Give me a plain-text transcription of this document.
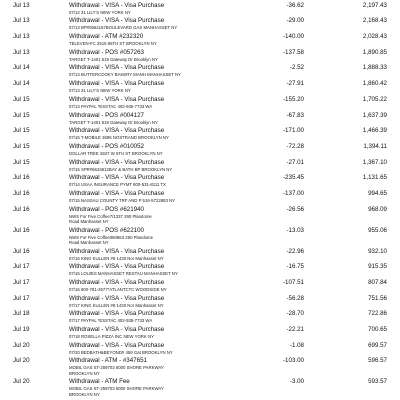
Jul 13	Withdrawal - VISA - Visa Purchase	-36.62	2,197.43
07/12 31 LILY'S NEW YORK NY
Jul 13	Withdrawal - VISA - Visa Purchase	-29.00	2,168.43
07/13 BP#0662167BOULEVARD GAS MANHASSET NY
Jul 13	Withdrawal - ATM #232320	-140.00	2,028.43
TELEVEN-FC 2515 86TH ST BROOKLYN NY
Jul 13	Withdrawal - POS #057263	-137.58	1,890.85
TARGET T-1401 519 Gateway Dr Brooklyn NY
Jul 14	Withdrawal - VISA - Visa Purchase	-2.52	1,888.33
07/13 BUTTERCOOKY BAKERY MANH MANHASSET NY
Jul 14	Withdrawal - VISA - Visa Purchase	-27.91	1,860.42
07/13 31 LILY'S NEW YORK NY
Jul 15	Withdrawal - VISA - Visa Purchase	-155.20	1,705.22
07/13 PAYPAL *ESSTAC 402-935-7733 WA
Jul 15	Withdrawal - POS #004127	-67.83	1,637.39
TARGET T-1401 519 Gateway Dr Brooklyn NY
Jul 15	Withdrawal - VISA - Visa Purchase	-171.00	1,466.39
07/15 T-MOBILE 3696 NOSTRAND BROOKLYN NY
Jul 15	Withdrawal - POS #010052	-72.28	1,394.11
DOLLAR TREE 2847 W 6TH ST BROOKLYN NY
Jul 15	Withdrawal - VISA - Visa Purchase	-27.01	1,367.10
07/15 SPR#6634612BAY & BATH BP BROOKLYN NY
Jul 16	Withdrawal - VISA - Visa Purchase	-235.45	1,131.65
07/14 USAA INSURANCE PYMT 800-531-8111 TX
Jul 16	Withdrawal - VISA - Visa Purchase	-137.00	994.65
07/15 NASSAU COUNTY TRF AND P 516-5722883 NY
Jul 16	Withdrawal - POS #621940	-26.56	968.09
NWS For Five Coffee7/1337 290 Plandome
Road Manhasset NY
Jul 16	Withdrawal - POS #622100	-13.03	955.06
NWS For Five Coffee080863 290 Plandome
Road Manhasset NY
Jul 16	Withdrawal - VISA - Visa Purchase	-22.96	932.10
07/16 KING KULLEN #8 1430 Nor Manhasset NY
Jul 17	Withdrawal - VISA - Visa Purchase	-16.75	915.35
07/15 LOUIES MANHASSET RESTAU MANHASSET NY
Jul 17	Withdrawal - VISA - Visa Purchase	-107.51	807.84
07/16 800-781-2677*ATLANTCTC WOODSIDE NY
Jul 17	Withdrawal - VISA - Visa Purchase	-56.28	751.56
07/17 KING KULLEN #8 1430 Nor Manhasset NY
Jul 18	Withdrawal - VISA - Visa Purchase	-28.70	722.86
07/17 PAYPAL *ESSTAC 402-935-7733 WA
Jul 19	Withdrawal - VISA - Visa Purchase	-22.21	700.65
07/18 ROSELLA PIZZA INC NEW YORK NY
Jul 20	Withdrawal - VISA - Visa Purchase	-1.08	699.57
07/20 BEDBATH&BEYOND# 459 Gat BROOKLYN NY
Jul 20	Withdrawal - ATM - #347651	-103.00	596.57
MOBIL GAS ST-259703 6000 SHORE PARKWAY
BROOKLYN NY
Jul 20	Withdrawal - ATM Fee	-3.00	593.57
MOBIL GAS ST-259703 6000 SHORE PARKWAY
BROOKLYN NY
